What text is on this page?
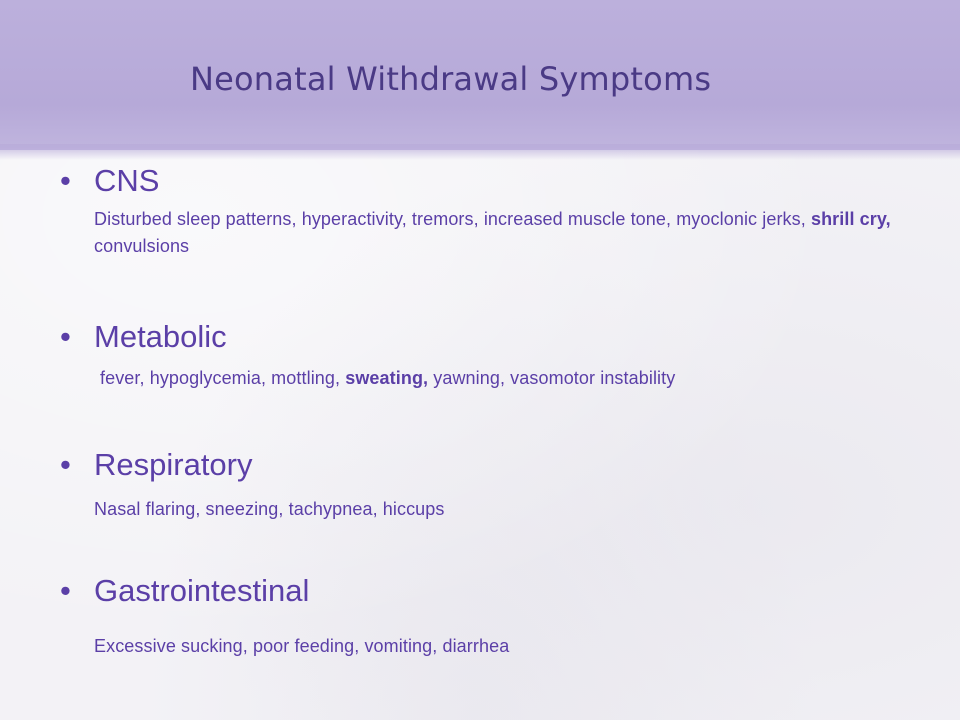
Neonatal Withdrawal Symptoms
• CNS
Disturbed sleep patterns, hyperactivity, tremors, increased muscle tone, myoclonic jerks, shrill cry, convulsions
• Metabolic
fever, hypoglycemia, mottling, sweating, yawning, vasomotor instability
• Respiratory
Nasal flaring, sneezing, tachypnea, hiccups
• Gastrointestinal
Excessive sucking, poor feeding, vomiting, diarrhea
